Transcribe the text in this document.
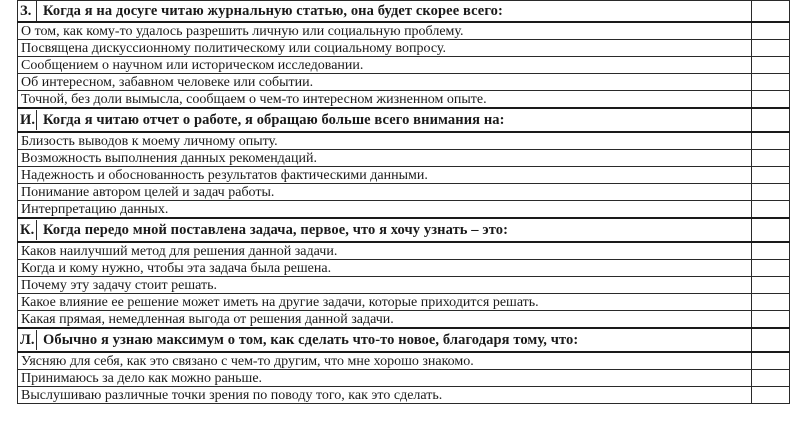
З. Когда я на досуге читаю журнальную статью, она будет скорее всего:	
О том, как кому-то удалось разрешить личную или социальную проблему.	
Посвящена дискуссионному политическому или социальному вопросу.	
Сообщением о научном или историческом исследовании.	
Об интересном, забавном человеке или событии.	
Точной, без доли вымысла, сообщаем о чем-то интересном жизненном опыте.	
И. Когда я читаю отчет о работе, я обращаю больше всего внимания на:	
Близость выводов к моему личному опыту.	
Возможность выполнения данных рекомендаций.	
Надежность и обоснованность результатов фактическими данными.	
Понимание автором целей и задач работы.	
Интерпретацию данных.	
К. Когда передо мной поставлена задача, первое, что я хочу узнать – это:	
Каков наилучший метод для решения данной задачи.	
Когда и кому нужно, чтобы эта задача была решена.	
Почему эту задачу стоит решать.	
Какое влияние ее решение может иметь на другие задачи, которые приходится решать.	
Какая прямая, немедленная выгода от решения данной задачи.	
Л. Обычно я узнаю максимум о том, как сделать что-то новое, благодаря тому, что:	
Уясняю для себя, как это связано с чем-то другим, что мне хорошо знакомо.	
Принимаюсь за дело как можно раньше.	
Выслушиваю различные точки зрения по поводу того, как это сделать.	
